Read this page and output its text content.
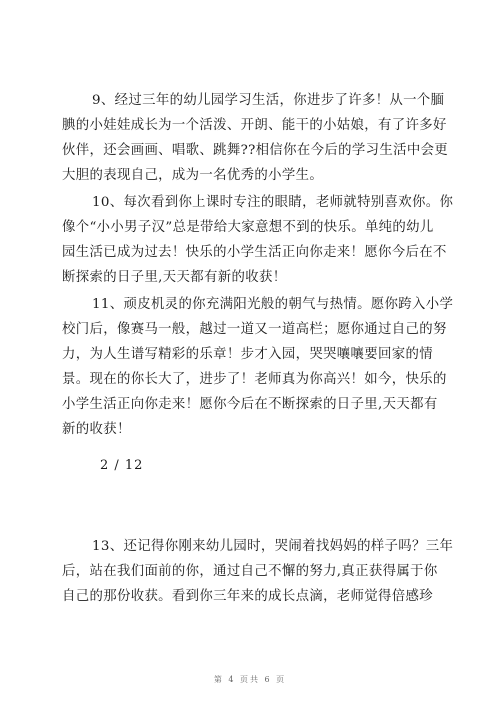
9、经过三年的幼儿园学习生活，你进步了许多！从一个腼
腆的小娃娃成长为一个活泼、开朗、能干的小姑娘，有了许多好
伙伴，还会画画、唱歌、跳舞??相信你在今后的学习生活中会更
大胆的表现自己，成为一名优秀的小学生。
10、每次看到你上课时专注的眼睛，老师就特别喜欢你。你
像个“小小男子汉”总是带给大家意想不到的快乐。单纯的幼儿
园生活已成为过去！快乐的小学生活正向你走来！愿你今后在不
断探索的日子里,天天都有新的收获！
11、顽皮机灵的你充满阳光般的朝气与热情。愿你跨入小学
校门后，像赛马一般，越过一道又一道高栏；愿你通过自己的努
力，为人生谱写精彩的乐章！步才入园，哭哭嚷嚷要回家的情
景。现在的你长大了，进步了！老师真为你高兴！如今，快乐的
小学生活正向你走来！愿你今后在不断探索的日子里,天天都有
新的收获！
2 / 12
13、还记得你刚来幼儿园时，哭闹着找妈妈的样子吗？三年
后，站在我们面前的你，通过自己不懈的努力,真正获得属于你
自己的那份收获。看到你三年来的成长点滴，老师觉得倍感珍
第 4 页共 6 页
